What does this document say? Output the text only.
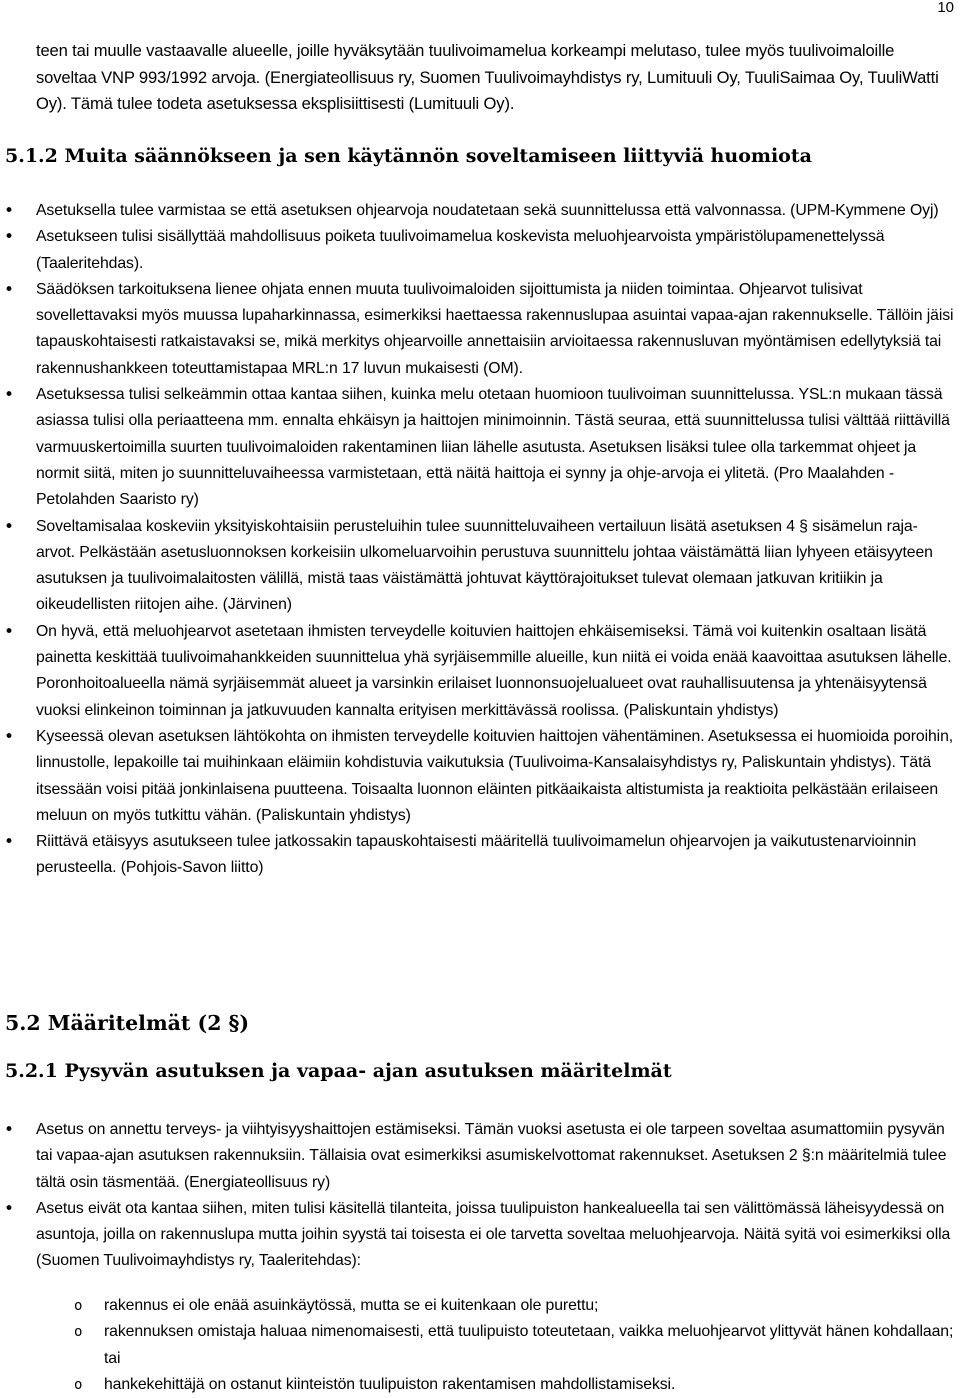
10

teen tai muulle vastaavalle alueelle, joille hyväksytään tuulivoimamelua korkeampi melutaso, tulee myös tuulivoimaloille soveltaa VNP 993/1992 arvoja. (Energiateollisuus ry, Suomen Tuulivoimayhdistys ry, Lumituuli Oy, TuuliSaimaa Oy, TuuliWatti Oy). Tämä tulee todeta asetuksessa eksplisiittisesti (Lumituuli Oy).

5.1.2 Muita säännökseen ja sen käytännön soveltamiseen liittyviä huomiota
• Asetuksella tulee varmistaa se että asetuksen ohjearvoja noudatetaan sekä suunnittelussa että valvonnassa. (UPM-Kymmene Oyj)
• Asetukseen tulisi sisällyttää mahdollisuus poiketa tuulivoimamelua koskevista meluohjearvoista ympäristölupamenettelyssä (Taaleritehdas).
• Säädöksen tarkoituksena lienee ohjata ennen muuta tuulivoimaloiden sijoittumista ja niiden toimintaa. Ohjearvot tulisivat sovellettavaksi myös muussa lupaharkinnassa, esimerkiksi haettaessa rakennuslupaa asuintai vapaa-ajan rakennukselle. Tällöin jäisi tapauskohtaisesti ratkaistavaksi se, mikä merkitys ohjearvoille annettaisiin arvioitaessa rakennusluvan myöntämisen edellytyksiä tai rakennushankkeen toteuttamistapaa MRL:n 17 luvun mukaisesti (OM).
• Asetuksessa tulisi selkeämmin ottaa kantaa siihen, kuinka melu otetaan huomioon tuulivoiman suunnittelussa. YSL:n mukaan tässä asiassa tulisi olla periaatteena mm. ennalta ehkäisyn ja haittojen minimoinnin. Tästä seuraa, että suunnittelussa tulisi välttää riittävillä varmuuskertoimilla suurten tuulivoimaloiden rakentaminen liian lähelle asutusta. Asetuksen lisäksi tulee olla tarkemmat ohjeet ja normit siitä, miten jo suunnitteluvaiheessa varmistetaan, että näitä haittoja ei synny ja ohje-arvoja ei ylitetä. (Pro Maalahden - Petolahden Saaristo ry)
• Soveltamisalaa koskeviin yksityiskohtaisiin perusteluihin tulee suunnitteluvaiheen vertailuun lisätä asetuksen 4 § sisämelun raja-arvot. Pelkästään asetusluonnoksen korkeisiin ulkomeluarvoihin perustuva suunnittelu johtaa väistämättä liian lyhyeen etäisyyteen asutuksen ja tuulivoimalaitosten välillä, mistä taas väistämättä johtuvat käyttörajoitukset tulevat olemaan jatkuvan kritiikin ja oikeudellisten riitojen aihe. (Järvinen)
• On hyvä, että meluohjearvot asetetaan ihmisten terveydelle koituvien haittojen ehkäisemiseksi. Tämä voi kuitenkin osaltaan lisätä painetta keskittää tuulivoimahankkeiden suunnittelua yhä syrjäisemmille alueille, kun niitä ei voida enää kaavoittaa asutuksen lähelle. Poronhoitoalueella nämä syrjäisemmät alueet ja varsinkin erilaiset luonnonsuojelualueet ovat rauhallisuutensa ja yhtenäisyytensä vuoksi elinkeinon toiminnan ja jatkuvuuden kannalta erityisen merkittävässä roolissa. (Paliskuntain yhdistys)
• Kyseessä olevan asetuksen lähtökohta on ihmisten terveydelle koituvien haittojen vähentäminen. Asetuksessa ei huomioida poroihin, linnustolle, lepakoille tai muihinkaan eläimiin kohdistuvia vaikutuksia (Tuulivoima-Kansalaisyhdistys ry, Paliskuntain yhdistys). Tätä itsessään voisi pitää jonkinlaisena puutteena. Toisaalta luonnon eläinten pitkäaikaista altistumista ja reaktioita pelkästään erilaiseen meluun on myös tutkittu vähän. (Paliskuntain yhdistys)
• Riittävä etäisyys asutukseen tulee jatkossakin tapauskohtaisesti määritellä tuulivoimamelun ohjearvojen ja vaikutustenarvioinnin perusteella. (Pohjois-Savon liitto)
5.2 Määritelmät (2 §)
5.2.1 Pysyvän asutuksen ja vapaa- ajan asutuksen määritelmät
• Asetus on annettu terveys- ja viihtyisyyshaittojen estämiseksi. Tämän vuoksi asetusta ei ole tarpeen soveltaa asumattomiin pysyvän tai vapaa-ajan asutuksen rakennuksiin. Tällaisia ovat esimerkiksi asumiskelvottomat rakennukset. Asetuksen 2 §:n määritelmiä tulee tältä osin täsmentää. (Energiateollisuus ry)
• Asetus eivät ota kantaa siihen, miten tulisi käsitellä tilanteita, joissa tuulipuiston hankealueella tai sen välittömässä läheisyydessä on asuntoja, joilla on rakennuslupa mutta joihin syystä tai toisesta ei ole tarvetta soveltaa meluohjearvoja. Näitä syitä voi esimerkiksi olla (Suomen Tuulivoimayhdistys ry, Taaleritehdas):
o rakennus ei ole enää asuinkäytössä, mutta se ei kuitenkaan ole purettu;
o rakennuksen omistaja haluaa nimenomaisesti, että tuulipuisto toteutetaan, vaikka meluohjearvot ylittyvät hänen kohdallaan; tai
o hankekehittäjä on ostanut kiinteistön tuulipuiston rakentamisen mahdollistamiseksi.
